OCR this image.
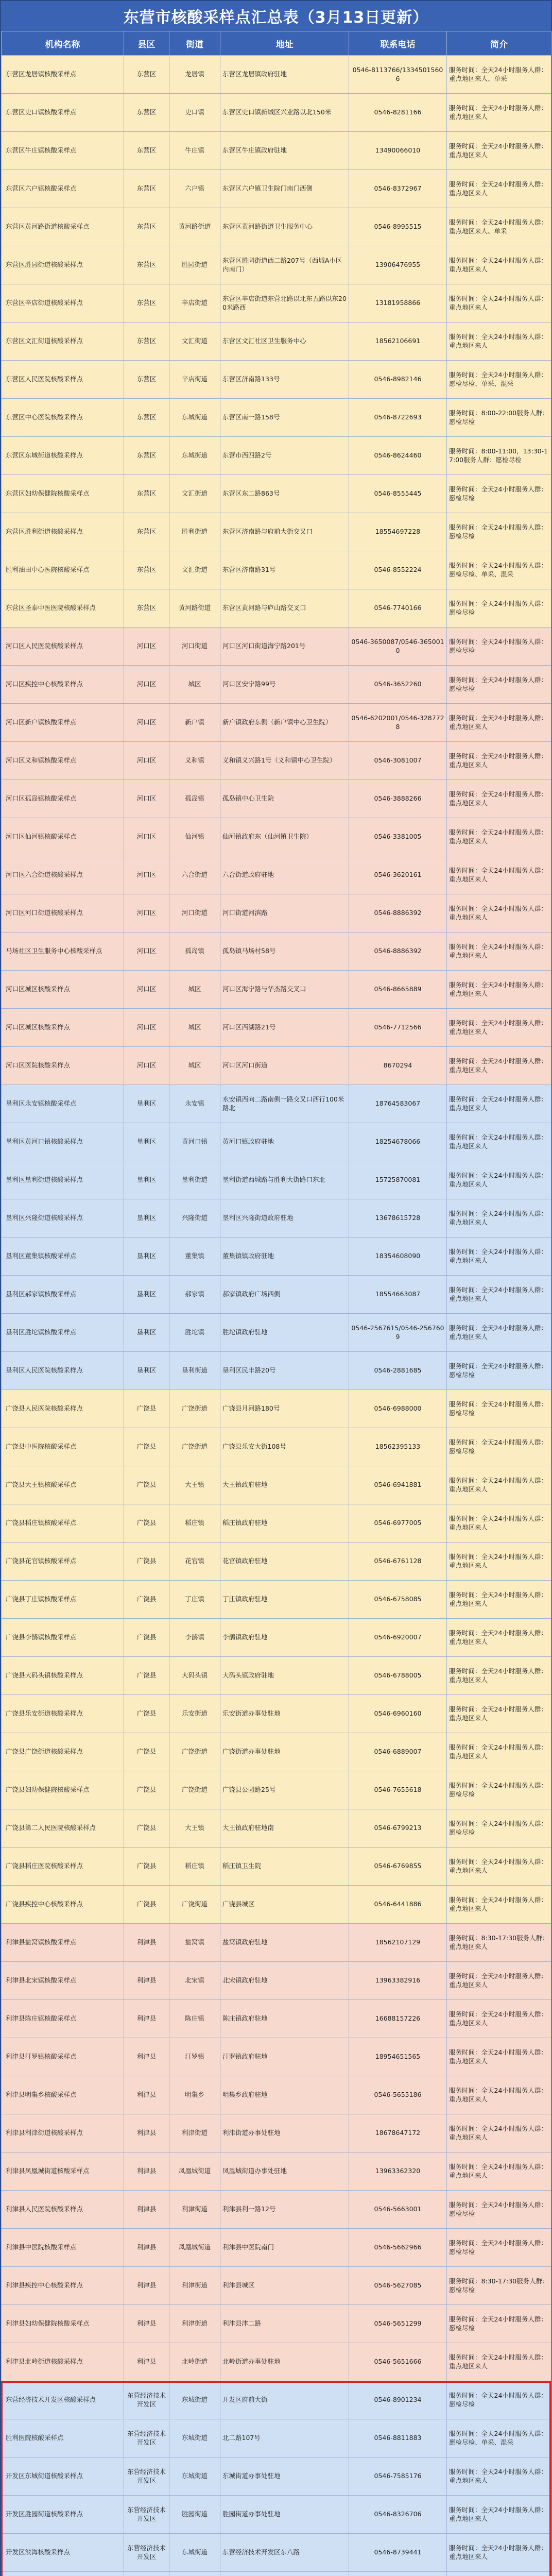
东营市核酸采样点汇总表（3月13日更新）
机构名称	县区	街道	地址	联系电话	简介
东营区龙居镇核酸采样点	东营区	龙居镇	东营区龙居镇政府驻地	0546-8113766/13345015606	服务时间：全天24小时服务人群：重点地区来人、单采
东营区史口镇核酸采样点	东营区	史口镇	东营区史口镇新城区兴业路以北150米	0546-8281166	服务时间：全天24小时服务人群：重点地区来人
东营区牛庄镇核酸采样点	东营区	牛庄镇	东营区牛庄镇政府驻地	13490066010	服务时间：全天24小时服务人群：重点地区来人
东营区六户镇核酸采样点	东营区	六户镇	东营区六户镇卫生院门南门西侧	0546-8372967	服务时间：全天24小时服务人群：重点地区来人
东营区黄河路街道核酸采样点	东营区	黄河路街道	东营区黄河路街道卫生服务中心	0546-8995515	服务时间：全天24小时服务人群：重点地区来人、单采
东营区胜园街道核酸采样点	东营区	胜园街道	东营区胜园街道西二路207号（西城A小区内南门）	13906476955	服务时间：全天24小时服务人群：重点地区来人
东营区辛店街道核酸采样点	东营区	辛店街道	东营区辛店街道东营北路以北东五路以东200米路西	13181958866	服务时间：全天24小时服务人群：重点地区来人
东营区文汇街道核酸采样点	东营区	文汇街道	东营区文汇社区卫生服务中心	18562106691	服务时间：全天24小时服务人群：重点地区来人
东营区人民医院核酸采样点	东营区	辛店街道	东营区济南路133号	0546-8982146	服务时间：全天24小时服务人群：愿检尽检、单采、混采
东营区中心医院核酸采样点	东营区	东城街道	东营区南一路158号	0546-8722693	服务时间：8:00-22:00服务人群：愿检尽检
东营区东城街道核酸采样点	东营区	东城街道	东营市西四路2号	0546-8624460	服务时间：8:00-11:00，13:30-17:00服务人群：愿检尽检
东营区妇幼保健院核酸采样点	东营区	文汇街道	东营区东二路863号	0546-8555445	服务时间：全天24小时服务人群：愿检尽检
东营区胜利街道核酸采样点	东营区	胜利街道	东营区济南路与府前大街交叉口	18554697228	服务时间：全天24小时服务人群：愿检尽检
胜利油田中心医院核酸采样点	东营区	文汇街道	东营区济南路31号	0546-8552224	服务时间：全天24小时服务人群：愿检尽检、单采、混采
东营区圣泰中医医院核酸采样点	东营区	黄河路街道	东营区黄河路与庐山路交叉口	0546-7740166	服务时间：全天24小时服务人群：愿检尽检
河口区人民医院核酸采样点	河口区	河口街道	河口区河口街道海宁路201号	0546-3650087/0546-3650010	服务时间：全天24小时服务人群：愿检尽检
河口区疾控中心核酸采样点	河口区	城区	河口区安宁路99号	0546-3652260	服务时间：全天24小时服务人群：愿检尽检
河口区新户镇核酸采样点	河口区	新户镇	新户镇政府东侧（新户镇中心卫生院）	0546-6202001/0546-3287728	服务时间：全天24小时服务人群：重点地区来人
河口区义和镇核酸采样点	河口区	义和镇	义和镇义兴路1号（义和镇中心卫生院）	0546-3081007	服务时间：全天24小时服务人群：重点地区来人
河口区孤岛镇核酸采样点	河口区	孤岛镇	孤岛镇中心卫生院	0546-3888266	服务时间：全天24小时服务人群：重点地区来人
河口区仙河镇核酸采样点	河口区	仙河镇	仙河镇政府东（仙河镇卫生院）	0546-3381005	服务时间：全天24小时服务人群：重点地区来人
河口区六合街道核酸采样点	河口区	六合街道	六合街道政府驻地	0546-3620161	服务时间：全天24小时服务人群：重点地区来人
河口区河口街道核酸采样点	河口区	河口街道	河口街道河滨路	0546-8886392	服务时间：全天24小时服务人群：重点地区来人
马场社区卫生服务中心核酸采样点	河口区	孤岛镇	孤岛镇马场村58号	0546-8886392	服务时间：全天24小时服务人群：重点地区来人
河口区城区核酸采样点	河口区	城区	河口区海宁路与华杰路交叉口	0546-8665889	服务时间：全天24小时服务人群：重点地区来人
河口区城区核酸采样点	河口区	城区	河口区西湖路21号	0546-7712566	服务时间：全天24小时服务人群：重点地区来人
河口区医院核酸采样点	河口区	城区	河口区河口街道	8670294	服务时间：全天24小时服务人群：重点地区来人
垦利区永安镇核酸采样点	垦利区	永安镇	永安镇西向二路南侧一路交叉口西行100米路北	18764583067	服务时间：全天24小时服务人群：重点地区来人
垦利区黄河口镇核酸采样点	垦利区	黄河口镇	黄河口镇政府驻地	18254678066	服务时间：全天24小时服务人群：重点地区来人
垦利区垦利街道核酸采样点	垦利区	垦利街道	垦利街道西城路与胜利大街路口东北	15725870081	服务时间：全天24小时服务人群：重点地区来人
垦利区兴隆街道核酸采样点	垦利区	兴隆街道	垦利区兴隆街道政府驻地	13678615728	服务时间：全天24小时服务人群：重点地区来人
垦利区董集镇核酸采样点	垦利区	董集镇	董集镇镇政府驻地	18354608090	服务时间：全天24小时服务人群：重点地区来人
垦利区郝家镇核酸采样点	垦利区	郝家镇	郝家镇政府广场西侧	18554663087	服务时间：全天24小时服务人群：重点地区来人
垦利区胜坨镇核酸采样点	垦利区	胜坨镇	胜坨镇政府驻地	0546-2567615/0546-2567609	服务时间：全天24小时服务人群：重点地区来人
垦利区人民医院核酸采样点	垦利区	垦利街道	垦利区民丰路20号	0546-2881685	服务时间：全天24小时服务人群：愿检尽检
广饶县人民医院核酸采样点	广饶县	广饶街道	广饶县月河路180号	0546-6988000	服务时间：全天24小时服务人群：愿检尽检
广饶县中医院核酸采样点	广饶县	广饶街道	广饶县乐安大街108号	18562395133	服务时间：全天24小时服务人群：愿检尽检
广饶县大王镇核酸采样点	广饶县	大王镇	大王镇政府驻地	0546-6941881	服务时间：全天24小时服务人群：重点地区来人
广饶县稻庄镇核酸采样点	广饶县	稻庄镇	稻庄镇政府驻地	0546-6977005	服务时间：全天24小时服务人群：重点地区来人
广饶县花官镇核酸采样点	广饶县	花官镇	花官镇政府驻地	0546-6761128	服务时间：全天24小时服务人群：重点地区来人
广饶县丁庄镇核酸采样点	广饶县	丁庄镇	丁庄镇政府驻地	0546-6758085	服务时间：全天24小时服务人群：重点地区来人
广饶县李鹊镇核酸采样点	广饶县	李鹊镇	李鹊镇政府驻地	0546-6920007	服务时间：全天24小时服务人群：重点地区来人
广饶县大码头镇核酸采样点	广饶县	大码头镇	大码头镇政府驻地	0546-6788005	服务时间：全天24小时服务人群：重点地区来人
广饶县乐安街道核酸采样点	广饶县	乐安街道	乐安街道办事处驻地	0546-6960160	服务时间：全天24小时服务人群：重点地区来人
广饶县广饶街道核酸采样点	广饶县	广饶街道	广饶街道办事处驻地	0546-6889007	服务时间：全天24小时服务人群：重点地区来人
广饶县妇幼保健院核酸采样点	广饶县	广饶街道	广饶县公园路25号	0546-7655618	服务时间：全天24小时服务人群：愿检尽检
广饶县第二人民医院核酸采样点	广饶县	大王镇	大王镇政府驻地南	0546-6799213	服务时间：全天24小时服务人群：愿检尽检
广饶县稻庄医院核酸采样点	广饶县	稻庄镇	稻庄镇卫生院	0546-6769855	服务时间：全天24小时服务人群：重点地区来人
广饶县疾控中心核酸采样点	广饶县	广饶街道	广饶县城区	0546-6441886	服务时间：全天24小时服务人群：重点地区来人
利津县盐窝镇核酸采样点	利津县	盐窝镇	盐窝镇政府驻地	18562107129	服务时间：8:30-17:30服务人群：重点地区来人
利津县北宋镇核酸采样点	利津县	北宋镇	北宋镇政府驻地	13963382916	服务时间：全天24小时服务人群：重点地区来人
利津县陈庄镇核酸采样点	利津县	陈庄镇	陈庄镇政府驻地	16688157226	服务时间：全天24小时服务人群：重点地区来人
利津县汀罗镇核酸采样点	利津县	汀罗镇	汀罗镇政府驻地	18954651565	服务时间：全天24小时服务人群：重点地区来人
利津县明集乡核酸采样点	利津县	明集乡	明集乡政府驻地	0546-5655186	服务时间：全天24小时服务人群：重点地区来人
利津县利津街道核酸采样点	利津县	利津街道	利津街道办事处驻地	18678647172	服务时间：全天24小时服务人群：重点地区来人
利津县凤凰城街道核酸采样点	利津县	凤凰城街道	凤凰城街道办事处驻地	13963362320	服务时间：全天24小时服务人群：重点地区来人
利津县人民医院核酸采样点	利津县	利津街道	利津县利一路12号	0546-5663001	服务时间：全天24小时服务人群：愿检尽检
利津县中医院核酸采样点	利津县	凤凰城街道	利津县中医院南门	0546-5662966	服务时间：全天24小时服务人群：愿检尽检
利津县疾控中心核酸采样点	利津县	利津街道	利津县城区	0546-5627085	服务时间：8:30-17:30服务人群：愿检尽检
利津县妇幼保健院核酸采样点	利津县	利津街道	利津县津二路	0546-5651299	服务时间：全天24小时服务人群：愿检尽检
利津县北岭街道核酸采样点	利津县	北岭街道	北岭街道办事处驻地	0546-5651666	服务时间：全天24小时服务人群：重点地区来人
东营经济技术开发区核酸采样点	东营经济技术开发区	东城街道	开发区府前大街	0546-8901234	服务时间：全天24小时服务人群：愿检尽检
胜利医院核酸采样点	东营经济技术开发区	东城街道	北二路107号	0546-8811883	服务时间：全天24小时服务人群：愿检尽检、单采、混采
开发区东城街道核酸采样点	东营经济技术开发区	东城街道	东城街道办事处驻地	0546-7585176	服务时间：全天24小时服务人群：重点地区来人
开发区胜园街道核酸采样点	东营经济技术开发区	胜园街道	胜园街道办事处驻地	0546-8326706	服务时间：全天24小时服务人群：重点地区来人
开发区滨海核酸采样点	东营经济技术开发区	东城街道	东营经济技术开发区东八路	0546-8739441	服务时间：全天24小时服务人群：重点地区来人
